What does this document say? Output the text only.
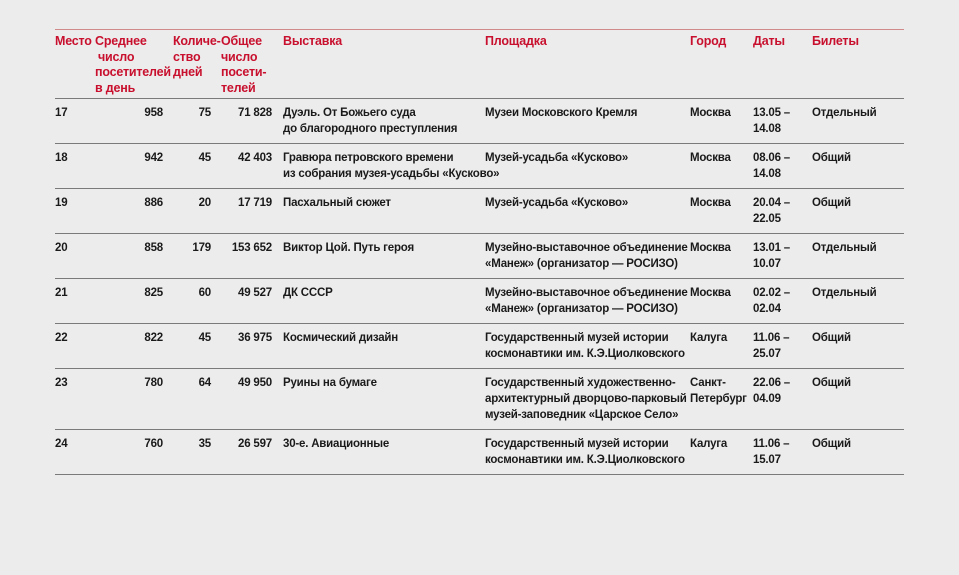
Место	Среднее
число
посетителей
в день	Количе-
ство
дней	Общее
число
посети-
телей	Выставка	Площадка	Город	Даты	Билеты
17	958	75	71 828	Дуэль. От Божьего суда
до благородного преступления	Музеи Московского Кремля	Москва	13.05 –
14.08	Отдельный
18	942	45	42 403	Гравюра петровского времени
из собрания музея-усадьбы «Кусково»	Музей-усадьба «Кусково»	Москва	08.06 –
14.08	Общий
19	886	20	17 719	Пасхальный сюжет	Музей-усадьба «Кусково»	Москва	20.04 –
22.05	Общий
20	858	179	153 652	Виктор Цой. Путь героя	Музейно-выставочное объединение
«Манеж» (организатор — РОСИЗО)	Москва	13.01 –
10.07	Отдельный
21	825	60	49 527	ДК СССР	Музейно-выставочное объединение
«Манеж» (организатор — РОСИЗО)	Москва	02.02 –
02.04	Отдельный
22	822	45	36 975	Космический дизайн	Государственный музей истории
космонавтики им. К.Э.Циолковского	Калуга	11.06 –
25.07	Общий
23	780	64	49 950	Руины на бумаге	Государственный художественно-
архитектурный дворцово-парковый
музей-заповедник «Царское Село»	Санкт-
Петербург	22.06 –
04.09	Общий
24	760	35	26 597	30-е. Авиационные	Государственный музей истории
космонавтики им. К.Э.Циолковского	Калуга	11.06 –
15.07	Общий
